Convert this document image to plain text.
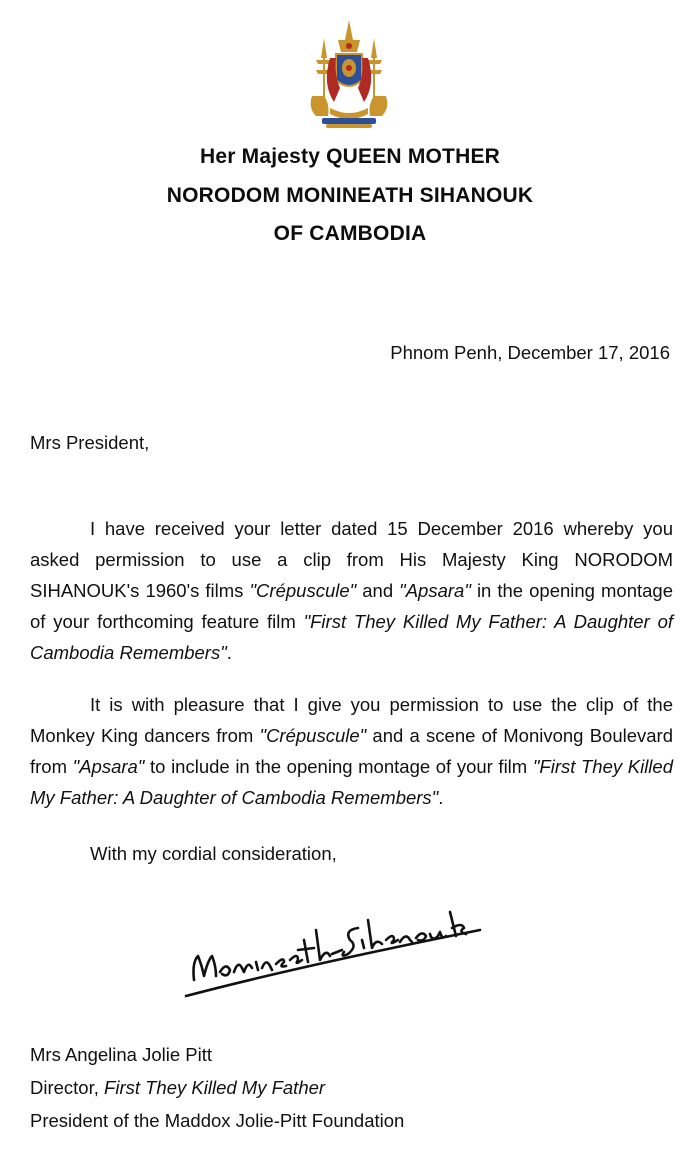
Her Majesty QUEEN MOTHER
NORODOM MONINEATH SIHANOUK
OF CAMBODIA
Phnom Penh, December 17, 2016
Mrs President,

I have received your letter dated 15 December 2016 whereby you asked permission to use a clip from His Majesty King NORODOM SIHANOUK's 1960's films "Crépuscule" and "Apsara" in the opening montage of your forthcoming feature film "First They Killed My Father: A Daughter of Cambodia Remembers".

It is with pleasure that I give you permission to use the clip of the Monkey King dancers from "Crépuscule" and a scene of Monivong Boulevard from "Apsara" to include in the opening montage of your film "First They Killed My Father: A Daughter of Cambodia Remembers".

With my cordial consideration,
Mrs Angelina Jolie Pitt
Director, First They Killed My Father
President of the Maddox Jolie-Pitt Foundation
